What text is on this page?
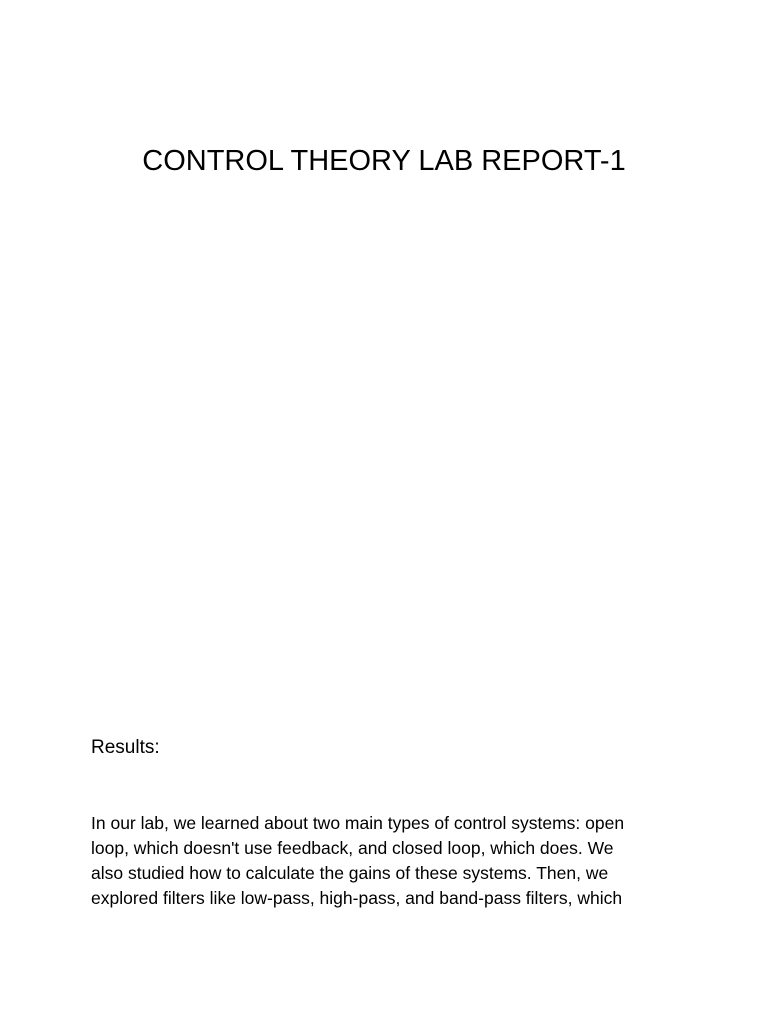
CONTROL THEORY LAB REPORT-1
Results:

In our lab, we learned about two main types of control systems: open
loop, which doesn't use feedback, and closed loop, which does. We
also studied how to calculate the gains of these systems. Then, we
explored filters like low-pass, high-pass, and band-pass filters, which
